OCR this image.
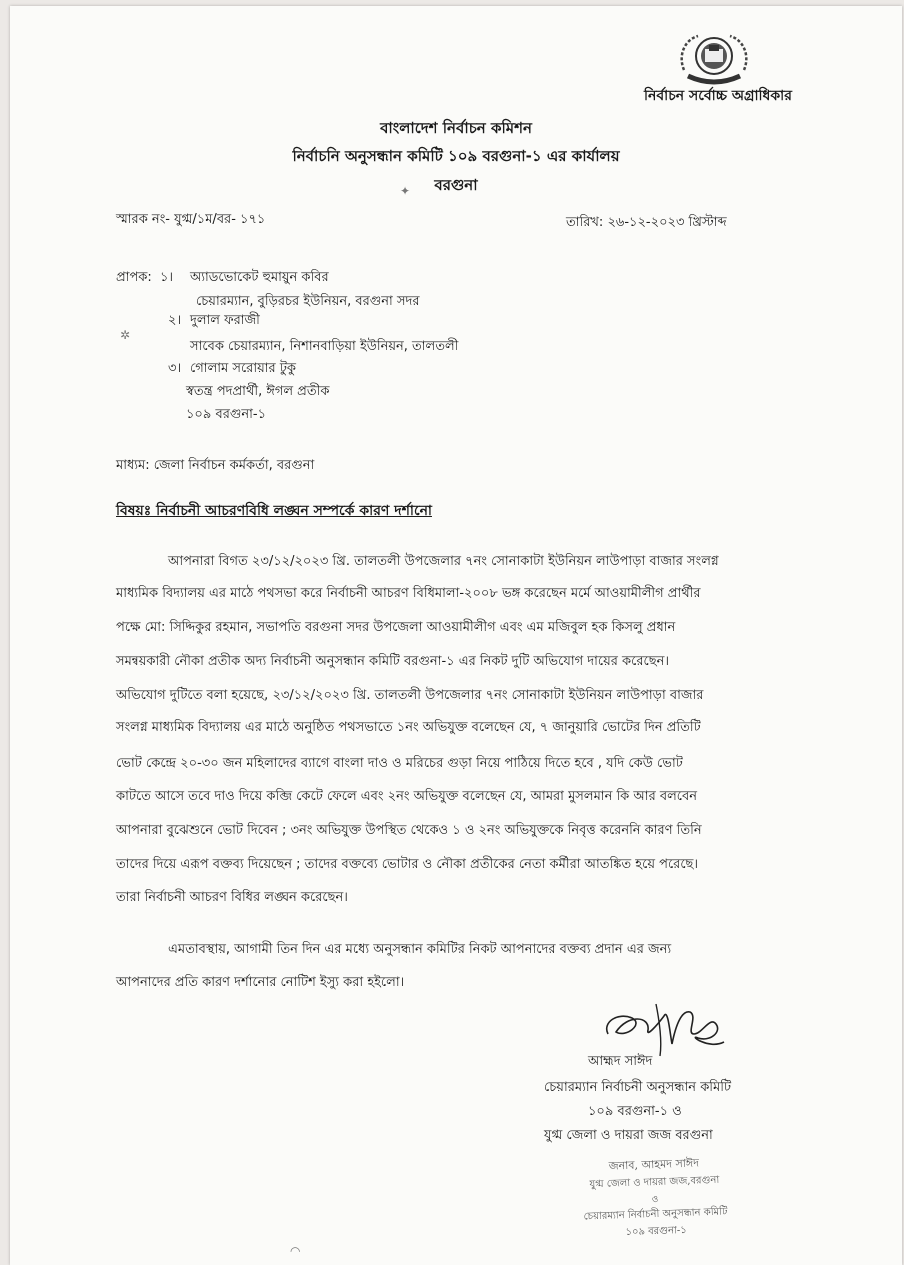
নির্বাচন সর্বোচ্চ অগ্রাধিকার
বাংলাদেশ নির্বাচন কমিশন
নির্বাচনি অনুসন্ধান কমিটি ১০৯ বরগুনা-১ এর কার্যালয়
বরগুনা
স্মারক নং- যুগ্ম/১ম/বর- ১৭১	তারিখ: ২৬-১২-২০২৩ খ্রিস্টাব্দ
প্রাপক: ১। অ্যাডভোকেট হুমায়ুন কবির
চেয়ারম্যান, বুড়িরচর ইউনিয়ন, বরগুনা সদর
২। দুলাল ফরাজী
সাবেক চেয়ারম্যান, নিশানবাড়িয়া ইউনিয়ন, তালতলী
৩। গোলাম সরোয়ার টুকু
স্বতন্ত্র পদপ্রার্থী, ঈগল প্রতীক
১০৯ বরগুনা-১
মাধ্যম: জেলা নির্বাচন কর্মকর্তা, বরগুনা
বিষয়ঃ নির্বাচনী আচরণবিধি লঙ্ঘন সম্পর্কে কারণ দর্শানো

আপনারা বিগত ২৩/১২/২০২৩ খ্রি. তালতলী উপজেলার ৭নং সোনাকাটা ইউনিয়ন লাউপাড়া বাজার সংলগ্ন

মাধ্যমিক বিদ্যালয় এর মাঠে পথসভা করে নির্বাচনী আচরণ বিধিমালা-২০০৮ ভঙ্গ করেছেন মর্মে আওয়ামীলীগ প্রার্থীর

পক্ষে মো: সিদ্দিকুর রহমান, সভাপতি বরগুনা সদর উপজেলা আওয়ামীলীগ এবং এম মজিবুল হক কিসলু প্রধান

সমন্বয়কারী নৌকা প্রতীক অদ্য নির্বাচনী অনুসন্ধান কমিটি বরগুনা-১ এর নিকট দুটি অভিযোগ দায়ের করেছেন।

অভিযোগ দুটিতে বলা হয়েছে, ২৩/১২/২০২৩ খ্রি. তালতলী উপজেলার ৭নং সোনাকাটা ইউনিয়ন লাউপাড়া বাজার

সংলগ্ন মাধ্যমিক বিদ্যালয় এর মাঠে অনুষ্ঠিত পথসভাতে ১নং অভিযুক্ত বলেছেন যে, ৭ জানুয়ারি ভোটের দিন প্রতিটি

ভোট কেন্দ্রে ২০-৩০ জন মহিলাদের ব্যাগে বাংলা দাও ও মরিচের গুড়া নিয়ে পাঠিয়ে দিতে হবে , যদি কেউ ভোট

কাটতে আসে তবে দাও দিয়ে কব্জি কেটে ফেলে এবং ২নং অভিযুক্ত বলেছেন যে, আমরা মুসলমান কি আর বলবেন

আপনারা বুঝেশুনে ভোট দিবেন ; ৩নং অভিযুক্ত উপস্থিত থেকেও ১ ও ২নং অভিযুক্তকে নিবৃত্ত করেননি কারণ তিনি

তাদের দিয়ে এরূপ বক্তব্য দিয়েছেন ; তাদের বক্তব্যে ভোটার ও নৌকা প্রতীকের নেতা কর্মীরা আতঙ্কিত হয়ে পরেছে।

তারা নির্বাচনী আচরণ বিধির লঙ্ঘন করেছেন।

এমতাবস্থায়, আগামী তিন দিন এর মধ্যে অনুসন্ধান কমিটির নিকট আপনাদের বক্তব্য প্রদান এর জন্য

আপনাদের প্রতি কারণ দর্শানোর নোটিশ ইস্যু করা হইলো।

আহ্মদ সাঈদ
চেয়ারম্যান নির্বাচনী অনুসন্ধান কমিটি
১০৯ বরগুনা-১ ও
যুগ্ম জেলা ও দায়রা জজ বরগুনা
জনাব, আহমদ সাঈদ
যুগ্ম জেলা ও দায়রা জজ,বরগুনা
ও
চেয়ারম্যান নির্বাচনী অনুসন্ধান কমিটি
১০৯ বরগুনা-১
✦
✲
◠
